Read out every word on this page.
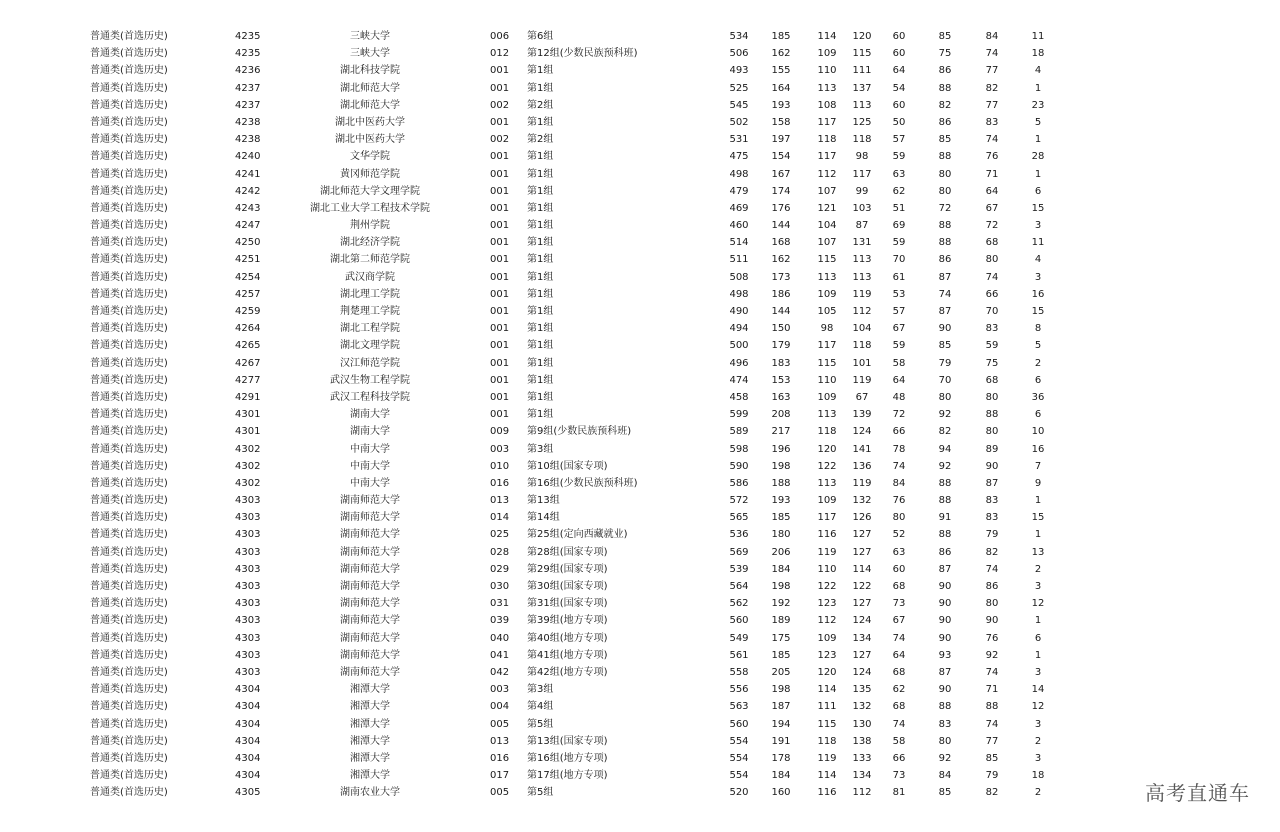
普通类(首选历史)	4235	三峡大学	006 第6组	534	185	114	120	60	85	84	11
普通类(首选历史)	4235	三峡大学	012 第12组(少数民族预科班)	506	162	109	115	60	75	74	18
普通类(首选历史)	4236	湖北科技学院	001 第1组	493	155	110	111	64	86	77	4
普通类(首选历史)	4237	湖北师范大学	001 第1组	525	164	113	137	54	88	82	1
普通类(首选历史)	4237	湖北师范大学	002 第2组	545	193	108	113	60	82	77	23
普通类(首选历史)	4238	湖北中医药大学	001 第1组	502	158	117	125	50	86	83	5
普通类(首选历史)	4238	湖北中医药大学	002 第2组	531	197	118	118	57	85	74	1
普通类(首选历史)	4240	文华学院	001 第1组	475	154	117	98	59	88	76	28
普通类(首选历史)	4241	黄冈师范学院	001 第1组	498	167	112	117	63	80	71	1
普通类(首选历史)	4242	湖北师范大学文理学院	001 第1组	479	174	107	99	62	80	64	6
普通类(首选历史)	4243	湖北工业大学工程技术学院	001 第1组	469	176	121	103	51	72	67	15
普通类(首选历史)	4247	荆州学院	001 第1组	460	144	104	87	69	88	72	3
普通类(首选历史)	4250	湖北经济学院	001 第1组	514	168	107	131	59	88	68	11
普通类(首选历史)	4251	湖北第二师范学院	001 第1组	511	162	115	113	70	86	80	4
普通类(首选历史)	4254	武汉商学院	001 第1组	508	173	113	113	61	87	74	3
普通类(首选历史)	4257	湖北理工学院	001 第1组	498	186	109	119	53	74	66	16
普通类(首选历史)	4259	荆楚理工学院	001 第1组	490	144	105	112	57	87	70	15
普通类(首选历史)	4264	湖北工程学院	001 第1组	494	150	98	104	67	90	83	8
普通类(首选历史)	4265	湖北文理学院	001 第1组	500	179	117	118	59	85	59	5
普通类(首选历史)	4267	汉江师范学院	001 第1组	496	183	115	101	58	79	75	2
普通类(首选历史)	4277	武汉生物工程学院	001 第1组	474	153	110	119	64	70	68	6
普通类(首选历史)	4291	武汉工程科技学院	001 第1组	458	163	109	67	48	80	80	36
普通类(首选历史)	4301	湖南大学	001 第1组	599	208	113	139	72	92	88	6
普通类(首选历史)	4301	湖南大学	009 第9组(少数民族预科班)	589	217	118	124	66	82	80	10
普通类(首选历史)	4302	中南大学	003 第3组	598	196	120	141	78	94	89	16
普通类(首选历史)	4302	中南大学	010 第10组(国家专项)	590	198	122	136	74	92	90	7
普通类(首选历史)	4302	中南大学	016 第16组(少数民族预科班)	586	188	113	119	84	88	87	9
普通类(首选历史)	4303	湖南师范大学	013 第13组	572	193	109	132	76	88	83	1
普通类(首选历史)	4303	湖南师范大学	014 第14组	565	185	117	126	80	91	83	15
普通类(首选历史)	4303	湖南师范大学	025 第25组(定向西藏就业)	536	180	116	127	52	88	79	1
普通类(首选历史)	4303	湖南师范大学	028 第28组(国家专项)	569	206	119	127	63	86	82	13
普通类(首选历史)	4303	湖南师范大学	029 第29组(国家专项)	539	184	110	114	60	87	74	2
普通类(首选历史)	4303	湖南师范大学	030 第30组(国家专项)	564	198	122	122	68	90	86	3
普通类(首选历史)	4303	湖南师范大学	031 第31组(国家专项)	562	192	123	127	73	90	80	12
普通类(首选历史)	4303	湖南师范大学	039 第39组(地方专项)	560	189	112	124	67	90	90	1
普通类(首选历史)	4303	湖南师范大学	040 第40组(地方专项)	549	175	109	134	74	90	76	6
普通类(首选历史)	4303	湖南师范大学	041 第41组(地方专项)	561	185	123	127	64	93	92	1
普通类(首选历史)	4303	湖南师范大学	042 第42组(地方专项)	558	205	120	124	68	87	74	3
普通类(首选历史)	4304	湘潭大学	003 第3组	556	198	114	135	62	90	71	14
普通类(首选历史)	4304	湘潭大学	004 第4组	563	187	111	132	68	88	88	12
普通类(首选历史)	4304	湘潭大学	005 第5组	560	194	115	130	74	83	74	3
普通类(首选历史)	4304	湘潭大学	013 第13组(国家专项)	554	191	118	138	58	80	77	2
普通类(首选历史)	4304	湘潭大学	016 第16组(地方专项)	554	178	119	133	66	92	85	3
普通类(首选历史)	4304	湘潭大学	017 第17组(地方专项)	554	184	114	134	73	84	79	18
普通类(首选历史)	4305	湖南农业大学	005 第5组	520	160	116	112	81	85	82	2	高考直通车
